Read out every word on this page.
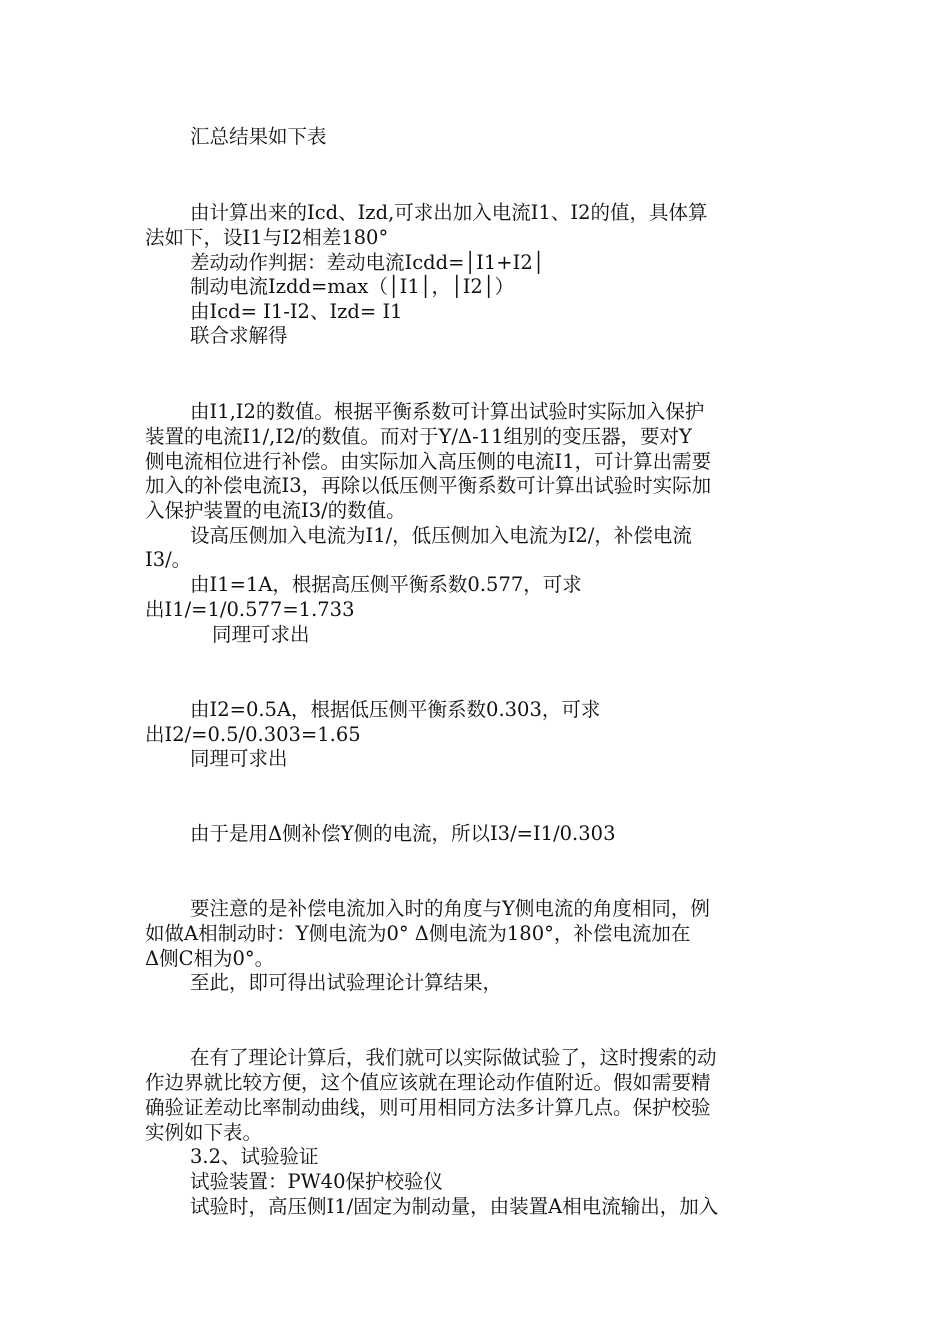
汇总结果如下表

由计算出来的Icd、Izd,可求出加入电流I1、I2的值，具体算

法如下，设I1与I2相差180°

差动动作判据：差动电流Icdd=│I1+I2│

制动电流Izdd=max（│I1│，│I2│）

由Icd= I1-I2、Izd= I1

联合求解得

由I1,I2的数值。根据平衡系数可计算出试验时实际加入保护

装置的电流I1/,I2/的数值。而对于Y/Δ-11组别的变压器，要对Y

侧电流相位进行补偿。由实际加入高压侧的电流I1，可计算出需要

加入的补偿电流I3，再除以低压侧平衡系数可计算出试验时实际加

入保护装置的电流I3/的数值。

设高压侧加入电流为I1/，低压侧加入电流为I2/，补偿电流

I3/。

由I1=1A，根据高压侧平衡系数0.577，可求

出I1/=1/0.577=1.733

同理可求出

由I2=0.5A，根据低压侧平衡系数0.303，可求

出I2/=0.5/0.303=1.65

同理可求出

由于是用Δ侧补偿Y侧的电流，所以I3/=I1/0.303

要注意的是补偿电流加入时的角度与Y侧电流的角度相同，例

如做A相制动时：Y侧电流为0° Δ侧电流为180°，补偿电流加在

Δ侧C相为0°。

至此，即可得出试验理论计算结果，

在有了理论计算后，我们就可以实际做试验了，这时搜索的动

作边界就比较方便，这个值应该就在理论动作值附近。假如需要精

确验证差动比率制动曲线，则可用相同方法多计算几点。保护校验

实例如下表。

3.2、试验验证

试验装置：PW40保护校验仪

试验时，高压侧I1/固定为制动量，由装置A相电流输出，加入
